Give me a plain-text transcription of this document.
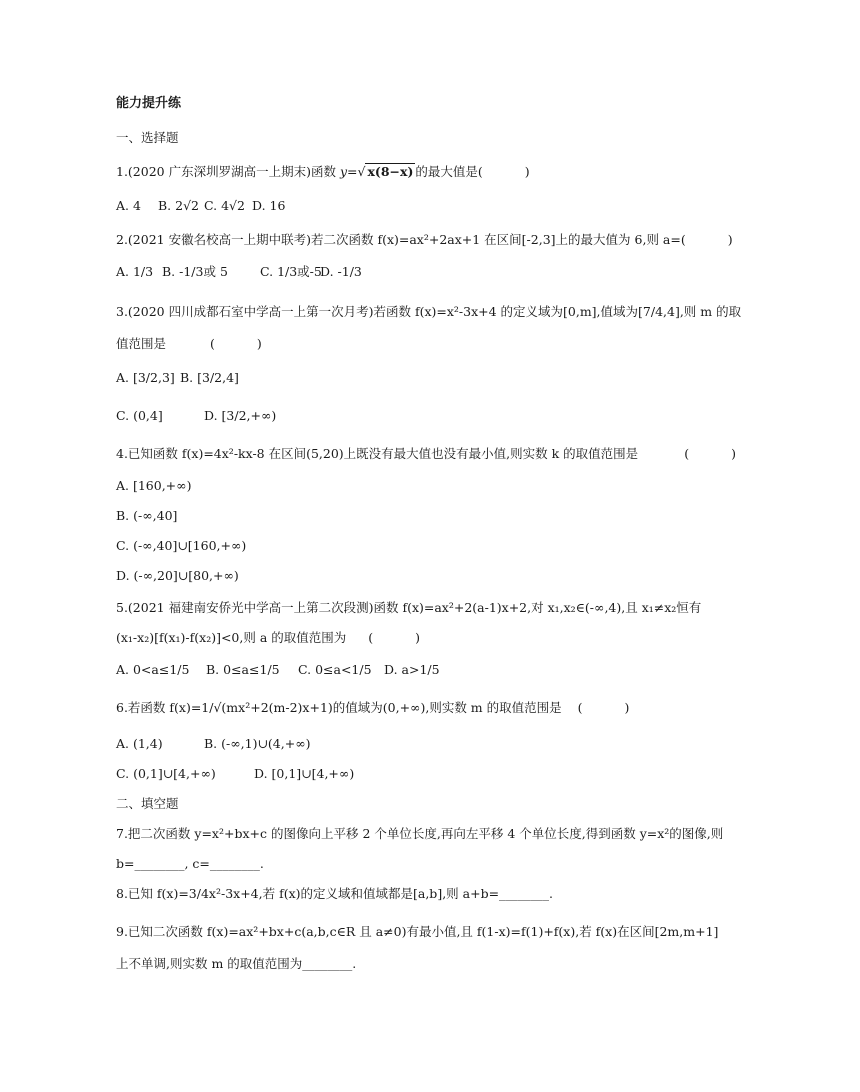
能力提升练
一、选择题
1.(2020 广东深圳罗湖高一上期末)函数 y=√ x(8−x) 的最大值是(	)
A. 4 B. 2√2 C. 4√2 D. 16
2.(2021 安徽名校高一上期中联考)若二次函数 f(x)=ax²+2ax+1 在区间[-2,3]上的最大值为 6,则 a=(	)
A. 1/3 B. -1/3或 5	C. 1/3或-5D. -1/3
3.(2020 四川成都石室中学高一上第一次月考)若函数 f(x)=x²-3x+4 的定义域为[0,m],值域为[7/4,4],则 m 的取
值范围是	(	)
A. [3/2,3] B. [3/2,4]
C. (0,4]	D. [3/2,+∞)
4.已知函数 f(x)=4x²-kx-8 在区间(5,20)上既没有最大值也没有最小值,则实数 k 的取值范围是	(	)
A. [160,+∞)
B. (-∞,40]
C. (-∞,40]∪[160,+∞)
D. (-∞,20]∪[80,+∞)
5.(2021 福建南安侨光中学高一上第二次段测)函数 f(x)=ax²+2(a-1)x+2,对 x₁,x₂∈(-∞,4),且 x₁≠x₂恒有
(x₁-x₂)[f(x₁)-f(x₂)]<0,则 a 的取值范围为 (	)
A. 0<a≤1/5 B. 0≤a≤1/5 C. 0≤a<1/5 D. a>1/5
6.若函数 f(x)=1/√(mx²+2(m-2)x+1)的值域为(0,+∞),则实数 m 的取值范围是 (	)
A. (1,4)	B. (-∞,1)∪(4,+∞)
C. (0,1]∪[4,+∞)	D. [0,1]∪[4,+∞)
二、填空题
7.把二次函数 y=x²+bx+c 的图像向上平移 2 个单位长度,再向左平移 4 个单位长度,得到函数 y=x²的图像,则
b=________, c=________.
8.已知 f(x)=3/4x²-3x+4,若 f(x)的定义域和值域都是[a,b],则 a+b=________.
9.已知二次函数 f(x)=ax²+bx+c(a,b,c∈R 且 a≠0)有最小值,且 f(1-x)=f(1)+f(x),若 f(x)在区间[2m,m+1]
上不单调,则实数 m 的取值范围为________.
